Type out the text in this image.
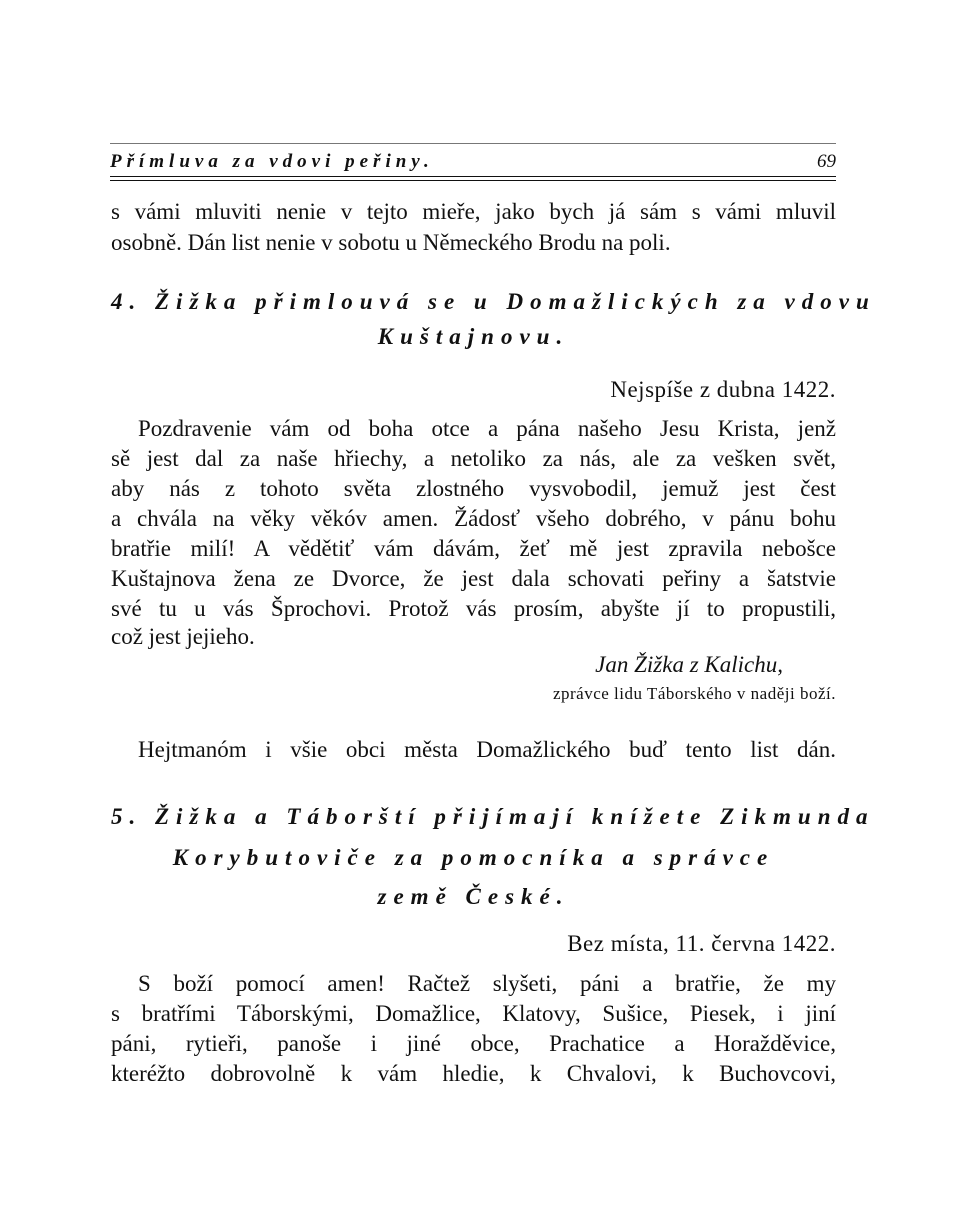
Přímluva za vdovi peřiny.	69
s vámi mluviti nenie v tejto mieře, jako bych já sám s vámi mluvil
osobně. Dán list nenie v sobotu u Německého Brodu na poli.
4. Žižka přimlouvá se u Domažlických za vdovu
Kuštajnovu.
Nejspíše z dubna 1422.
Pozdravenie vám od boha otce a pána našeho Jesu Krista, jenž
sě jest dal za naše hřiechy, a netoliko za nás, ale za vešken svět,
aby nás z tohoto světa zlostného vysvobodil, jemuž jest čest
a chvála na věky věkóv amen. Žádosť všeho dobrého, v pánu bohu
bratřie milí! A vědětiť vám dávám, žeť mě jest zpravila nebošce
Kuštajnova žena ze Dvorce, že jest dala schovati peřiny a šatstvie
své tu u vás Šprochovi. Protož vás prosím, abyšte jí to propustili,
což jest jejieho.
Jan Žižka z Kalichu,
zprávce lidu Táborského v naději boží.
Hejtmanóm i všie obci města Domažlického buď tento list dán.
5. Žižka a Táborští přijímají knížete Zikmunda
Korybutoviče za pomocníka a správce
země České.
Bez místa, 11. června 1422.
S boží pomocí amen! Račtež slyšeti, páni a bratřie, že my
s bratřími Táborskými, Domažlice, Klatovy, Sušice, Piesek, i jiní
páni, rytieři, panoše i jiné obce, Prachatice a Horažděvice,
kteréžto dobrovolně k vám hledie, k Chvalovi, k Buchovcovi,
